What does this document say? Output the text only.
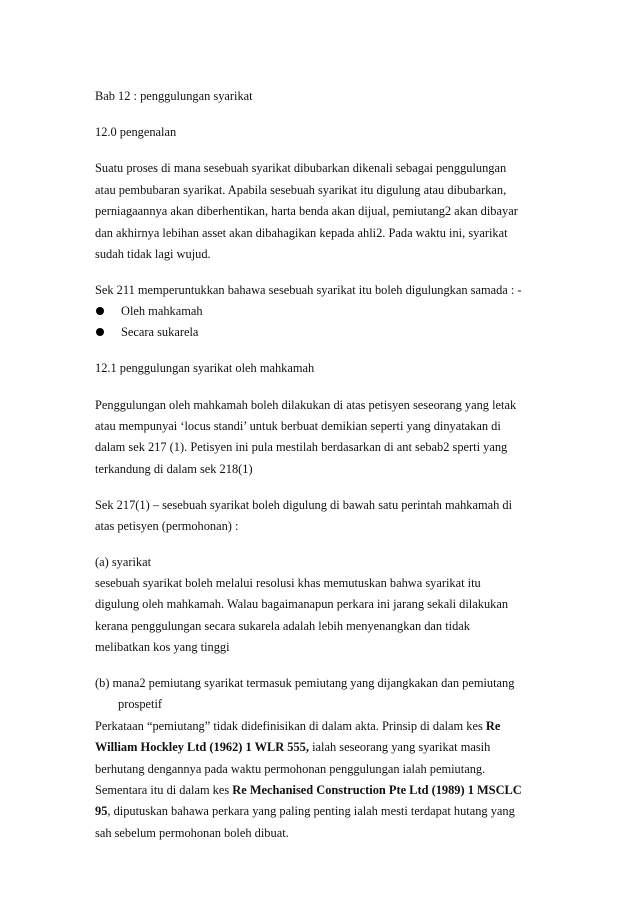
Bab 12 : penggulungan syarikat
12.0 pengenalan
Suatu proses di mana sesebuah syarikat dibubarkan dikenali sebagai penggulungan
atau pembubaran syarikat. Apabila sesebuah syarikat itu digulung atau dibubarkan,
perniagaannya akan diberhentikan, harta benda akan dijual, pemiutang2 akan dibayar
dan akhirnya lebihan asset akan dibahagikan kepada ahli2. Pada waktu ini, syarikat
sudah tidak lagi wujud.
Sek 211 memperuntukkan bahawa sesebuah syarikat itu boleh digulungkan samada : -
Oleh mahkamah
Secara sukarela
12.1 penggulungan syarikat oleh mahkamah
Penggulungan oleh mahkamah boleh dilakukan di atas petisyen seseorang yang letak
atau mempunyai ‘locus standi’ untuk berbuat demikian seperti yang dinyatakan di
dalam sek 217 (1). Petisyen ini pula mestilah berdasarkan di ant sebab2 sperti yang
terkandung di dalam sek 218(1)
Sek 217(1) – sesebuah syarikat boleh digulung di bawah satu perintah mahkamah di
atas petisyen (permohonan) :
(a) syarikat
sesebuah syarikat boleh melalui resolusi khas memutuskan bahwa syarikat itu
digulung oleh mahkamah. Walau bagaimanapun perkara ini jarang sekali dilakukan
kerana penggulungan secara sukarela adalah lebih menyenangkan dan tidak
melibatkan kos yang tinggi
(b) mana2 pemiutang syarikat termasuk pemiutang yang dijangkakan dan pemiutang
prospetif
Perkataan “pemiutang” tidak didefinisikan di dalam akta. Prinsip di dalam kes Re
William Hockley Ltd (1962) 1 WLR 555, ialah seseorang yang syarikat masih
berhutang dengannya pada waktu permohonan penggulungan ialah pemiutang.
Sementara itu di dalam kes Re Mechanised Construction Pte Ltd (1989) 1 MSCLC
95, diputuskan bahawa perkara yang paling penting ialah mesti terdapat hutang yang
sah sebelum permohonan boleh dibuat.
